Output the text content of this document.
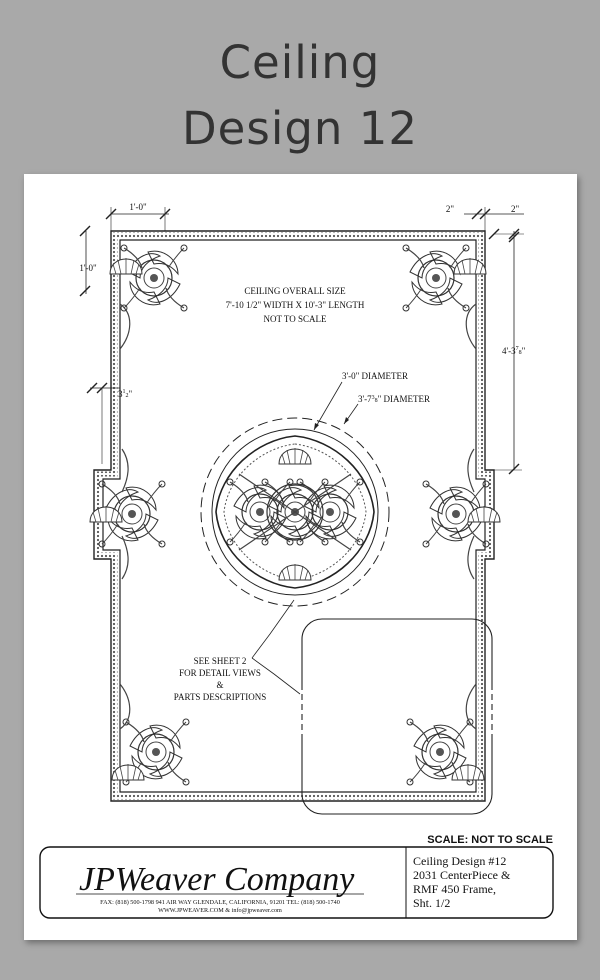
Ceiling
Design 12
CEILING OVERALL SIZE
7'-10 1/2" WIDTH X 10'-3" LENGTH
NOT TO SCALE
3'-0" DIAMETER
$3'-7^3_8$" DIAMETER
SEE SHEET 2
FOR DETAIL VIEWS
&
PARTS DESCRIPTIONS
1'-0"
1'-0"
$3^1_2$"
2"	2"
$4'-3^7_8$"
SCALE: NOT TO SCALE
JPWeaver Company
FAX: (818) 500-1798 941 AIR WAY GLENDALE, CALIFORNIA, 91201 TEL: (818) 500-1740
WWW.JPWEAVER.COM & info@jpweaver.com
Ceiling Design #12
2031 CenterPiece &
RMF 450 Frame,
Sht. 1/2
